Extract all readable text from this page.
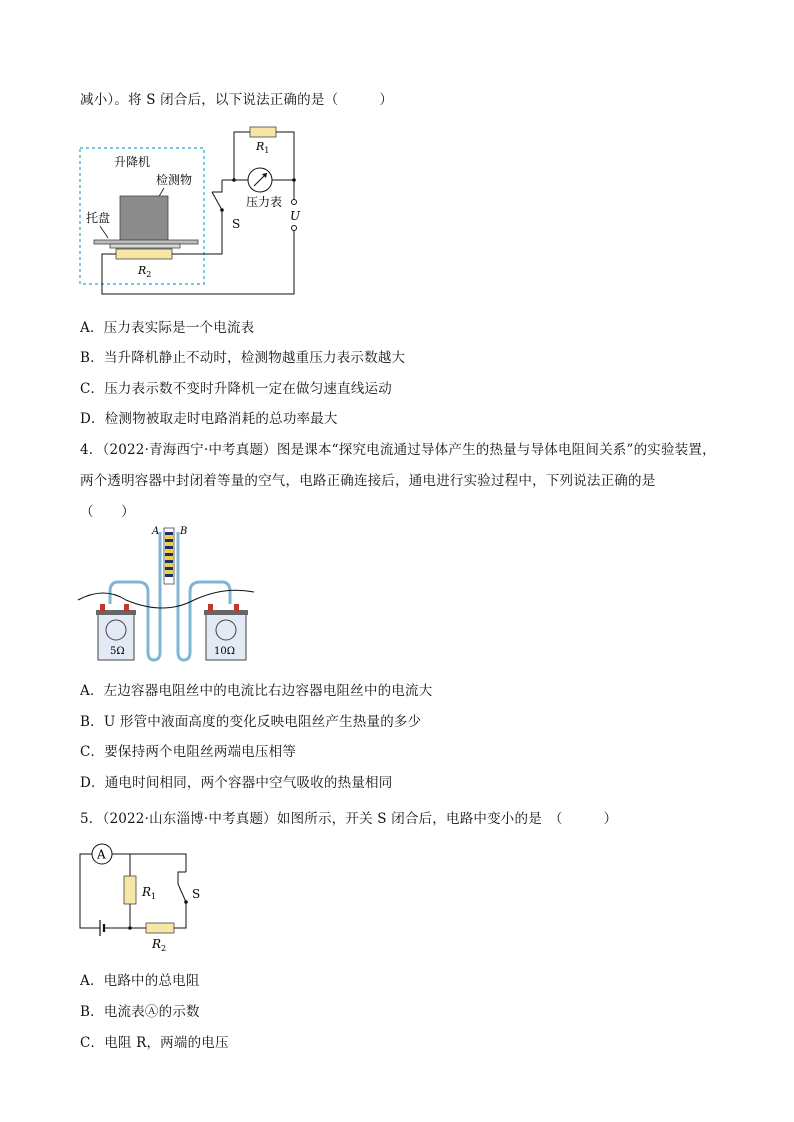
减小）。将 S 闭合后，以下说法正确的是（　　　）
升降机
检测物
托盘
$R_2$
S
$R_1$
压力表
U
A．压力表实际是一个电流表
B．当升降机静止不动时，检测物越重压力表示数越大
C．压力表示数不变时升降机一定在做匀速直线运动
D．检测物被取走时电路消耗的总功率最大
4．（2022·青海西宁·中考真题）图是课本“探究电流通过导体产生的热量与导体电阻间关系”的实验装置，
两个透明容器中封闭着等量的空气，电路正确连接后，通电进行实验过程中，下列说法正确的是
（　　）
A B
5Ω	10Ω
A．左边容器电阻丝中的电流比右边容器电阻丝中的电流大
B．U 形管中液面高度的变化反映电阻丝产生热量的多少
C．要保持两个电阻丝两端电压相等
D．通电时间相同，两个容器中空气吸收的热量相同
5．（2022·山东淄博·中考真题）如图所示，开关 S 闭合后，电路中变小的是　（　　　）
A
$R_1$	S
$R_2$
A．电路中的总电阻
B．电流表Ⓐ的示数
C．电阻 R，两端的电压
